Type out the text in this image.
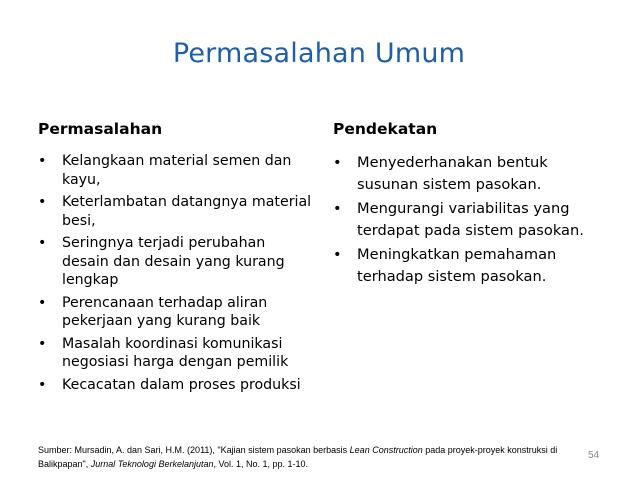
Permasalahan Umum
Permasalahan
• Kelangkaan material semen dan kayu,
• Keterlambatan datangnya material besi,
• Seringnya terjadi perubahan desain dan desain yang kurang lengkap
• Perencanaan terhadap aliran pekerjaan yang kurang baik
• Masalah koordinasi komunikasi negosiasi harga dengan pemilik
• Kecacatan dalam proses produksi
Pendekatan
• Menyederhanakan bentuk susunan sistem pasokan.
• Mengurangi variabilitas yang terdapat pada sistem pasokan.
• Meningkatkan pemahaman terhadap sistem pasokan.
Sumber: Mursadin, A. dan Sari, H.M. (2011), "Kajian sistem pasokan berbasis Lean Construction pada proyek-proyek konstruksi di Balikpapan", Jurnal Teknologi Berkelanjutan, Vol. 1, No. 1, pp. 1-10.
54
